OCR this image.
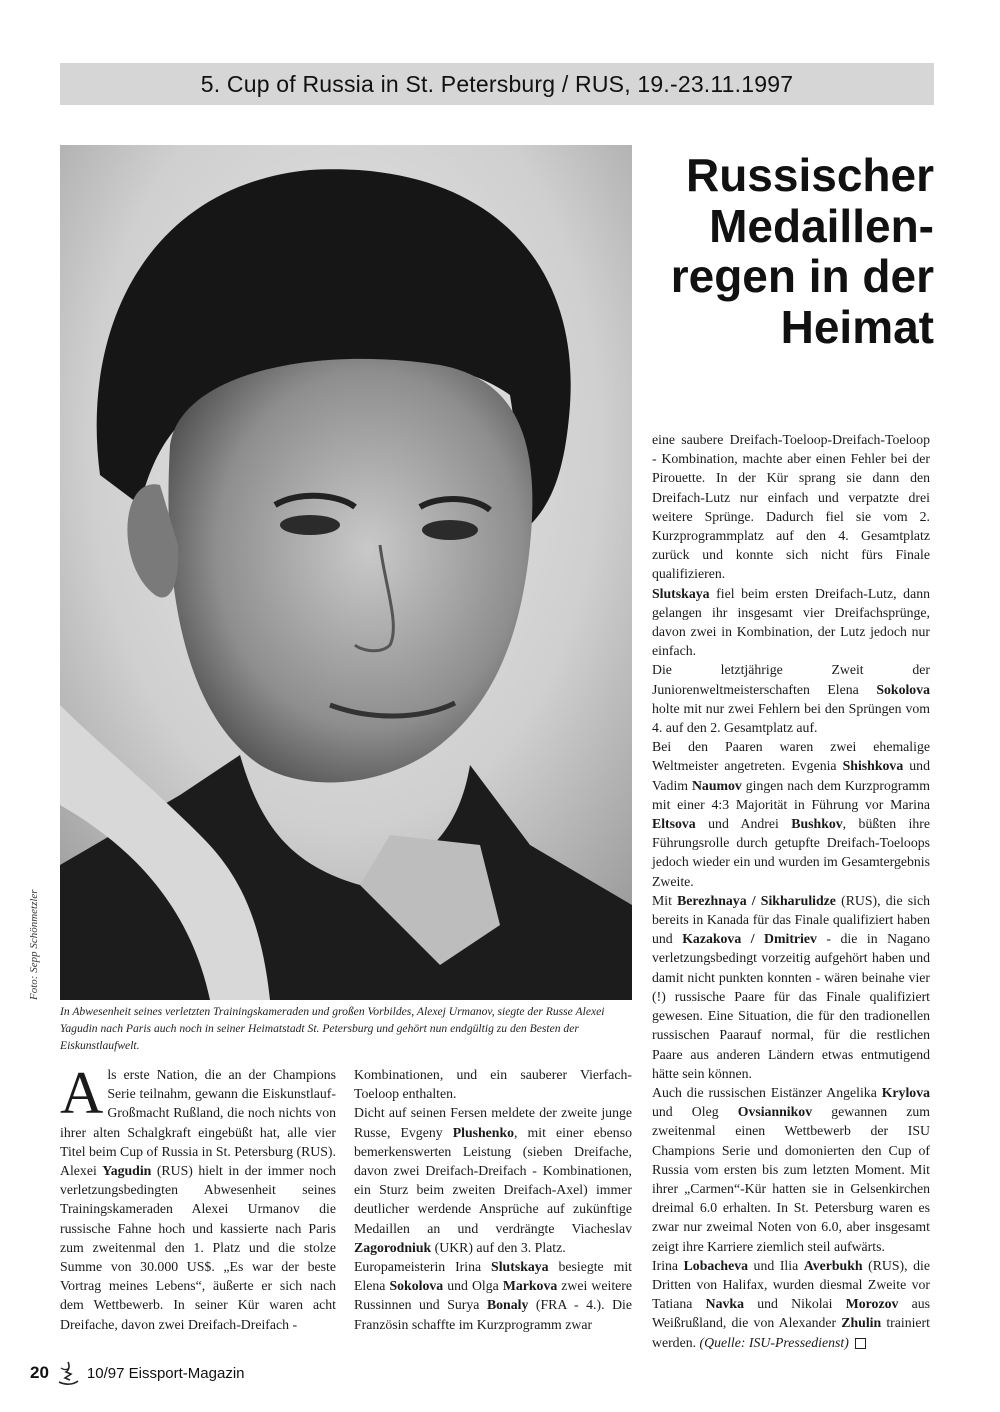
5. Cup of Russia in St. Petersburg / RUS, 19.-23.11.1997
Foto: Sepp Schönmetzler
Russischer
Medaillen-
regen in der
Heimat
In Abwesenheit seines verletzten Trainingskameraden und großen Vorbildes, Alexej Urmanov, siegte der Russe Alexei Yagudin nach Paris auch noch in seiner Heimatstadt St. Petersburg und gehört nun endgültig zu den Besten der Eiskunstlaufwelt.

Als erste Nation, die an der Champions Serie teilnahm, gewann die Eiskunstlauf-Großmacht Rußland, die noch nichts von ihrer alten Schalgkraft eingebüßt hat, alle vier Titel beim Cup of Russia in St. Petersburg (RUS).

Alexei Yagudin (RUS) hielt in der immer noch verletzungsbedingten Abwesenheit seines Trainingskameraden Alexei Urmanov die russische Fahne hoch und kassierte nach Paris zum zweitenmal den 1. Platz und die stolze Summe von 30.000 US$. „Es war der beste Vortrag meines Lebens“, äußerte er sich nach dem Wettbewerb. In seiner Kür waren acht Dreifache, davon zwei Dreifach-Dreifach -

Kombinationen, und ein sauberer Vierfach-Toeloop enthalten.

Dicht auf seinen Fersen meldete der zweite junge Russe, Evgeny Plushenko, mit einer ebenso bemerkenswerten Leistung (sieben Dreifache, davon zwei Dreifach-Dreifach - Kombinationen, ein Sturz beim zweiten Dreifach-Axel) immer deutlicher werdende Ansprüche auf zukünftige Medaillen an und verdrängte Viacheslav Zagorodniuk (UKR) auf den 3. Platz.

Europameisterin Irina Slutskaya besiegte mit Elena Sokolova und Olga Markova zwei weitere Russinnen und Surya Bonaly (FRA - 4.). Die Französin schaffte im Kurzprogramm zwar

eine saubere Dreifach-Toeloop-Dreifach-Toeloop - Kombination, machte aber einen Fehler bei der Pirouette. In der Kür sprang sie dann den Dreifach-Lutz nur einfach und verpatzte drei weitere Sprünge. Dadurch fiel sie vom 2. Kurzprogrammplatz auf den 4. Gesamtplatz zurück und konnte sich nicht fürs Finale qualifizieren.

Slutskaya fiel beim ersten Dreifach-Lutz, dann gelangen ihr insgesamt vier Dreifachsprünge, davon zwei in Kombination, der Lutz jedoch nur einfach.

Die letztjährige Zweit der Juniorenweltmeisterschaften Elena Sokolova holte mit nur zwei Fehlern bei den Sprüngen vom 4. auf den 2. Gesamtplatz auf.

Bei den Paaren waren zwei ehemalige Weltmeister angetreten. Evgenia Shishkova und Vadim Naumov gingen nach dem Kurzprogramm mit einer 4:3 Majorität in Führung vor Marina Eltsova und Andrei Bushkov, büßten ihre Führungsrolle durch getupfte Dreifach-Toeloops jedoch wieder ein und wurden im Gesamtergebnis Zweite.

Mit Berezhnaya / Sikharulidze (RUS), die sich bereits in Kanada für das Finale qualifiziert haben und Kazakova / Dmitriev - die in Nagano verletzungsbedingt vorzeitig aufgehört haben und damit nicht punkten konnten - wären beinahe vier (!) russische Paare für das Finale qualifiziert gewesen. Eine Situation, die für den tradionellen russischen Paarauf normal, für die restlichen Paare aus anderen Ländern etwas entmutigend hätte sein können.

Auch die russischen Eistänzer Angelika Krylova und Oleg Ovsiannikov gewannen zum zweitenmal einen Wettbewerb der ISU Champions Serie und domonierten den Cup of Russia vom ersten bis zum letzten Moment. Mit ihrer „Carmen“-Kür hatten sie in Gelsenkirchen dreimal 6.0 erhalten. In St. Petersburg waren es zwar nur zweimal Noten von 6.0, aber insgesamt zeigt ihre Karriere ziemlich steil aufwärts.

Irina Lobacheva und Ilia Averbukh (RUS), die Dritten von Halifax, wurden diesmal Zweite vor Tatiana Navka und Nikolai Morozov aus Weißrußland, die von Alexander Zhulin trainiert werden. (Quelle: ISU-Pressedienst)

20	10/97 Eissport-Magazin
